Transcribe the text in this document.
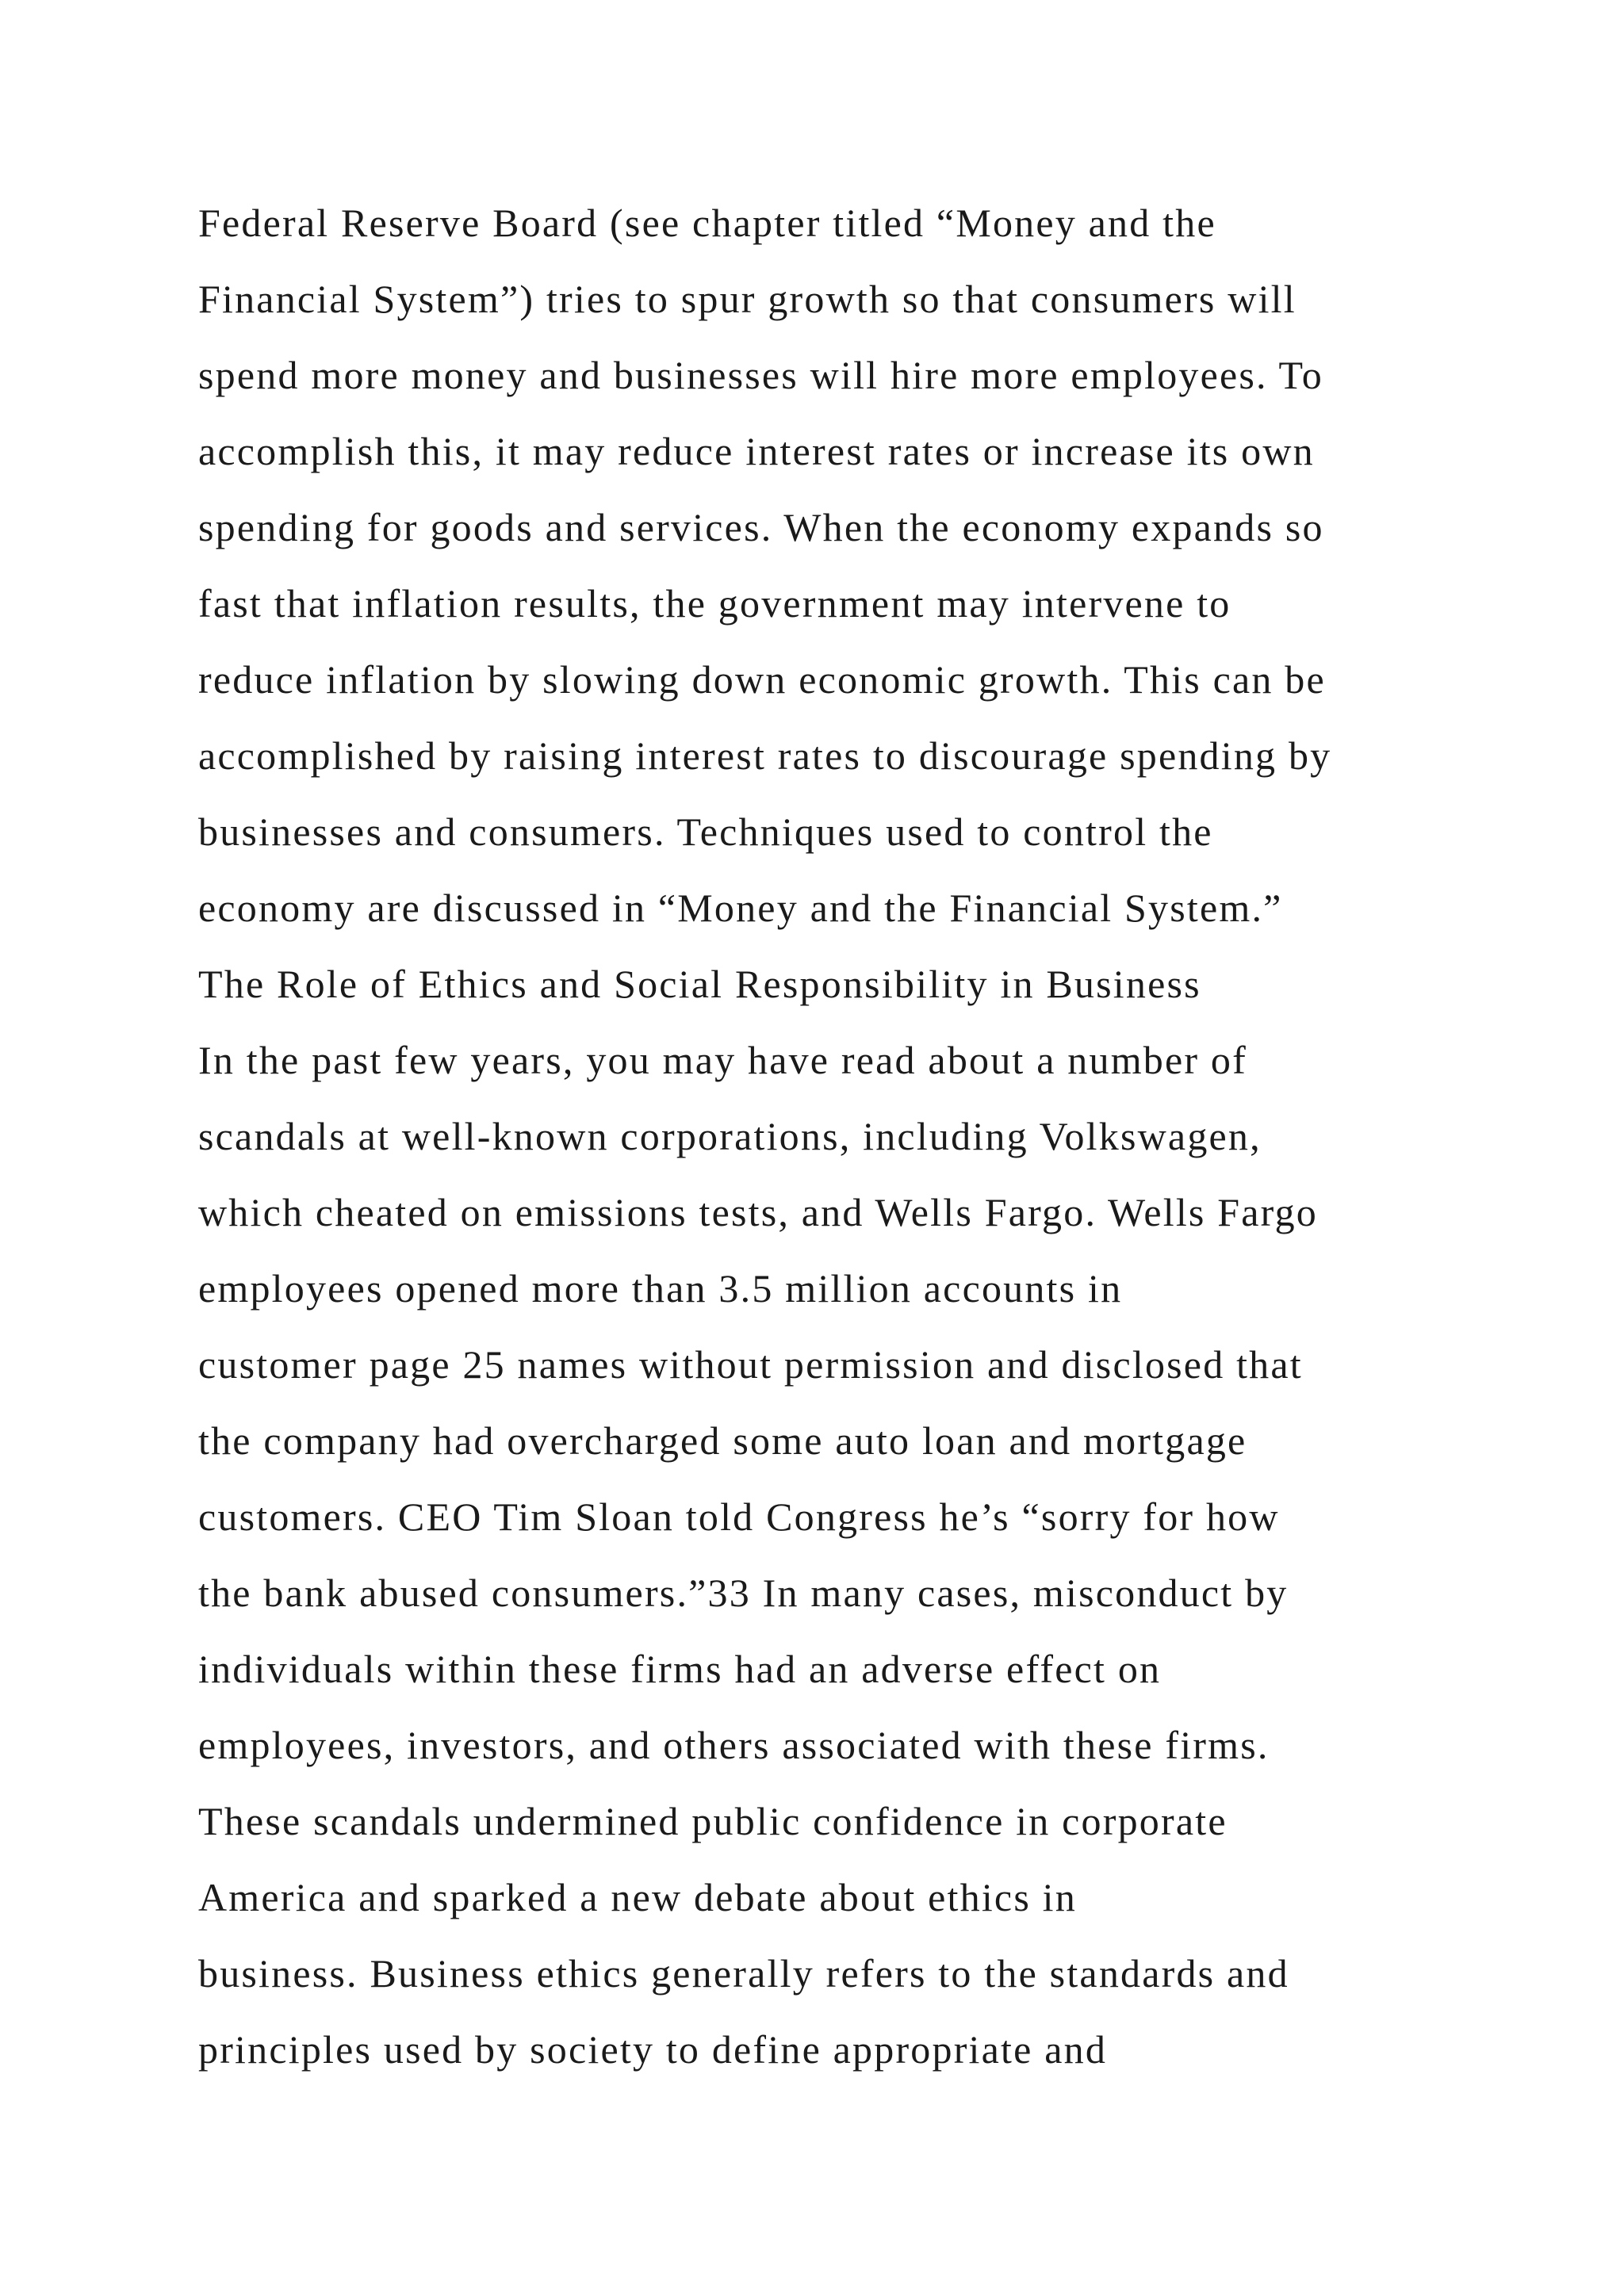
Federal Reserve Board (see chapter titled “Money and the
Financial System”) tries to spur growth so that consumers will
spend more money and businesses will hire more employees. To
accomplish this, it may reduce interest rates or increase its own
spending for goods and services. When the economy expands so
fast that inflation results, the government may intervene to
reduce inflation by slowing down economic growth. This can be
accomplished by raising interest rates to discourage spending by
businesses and consumers. Techniques used to control the
economy are discussed in “Money and the Financial System.”
The Role of Ethics and Social Responsibility in Business
In the past few years, you may have read about a number of
scandals at well-known corporations, including Volkswagen,
which cheated on emissions tests, and Wells Fargo. Wells Fargo
employees opened more than 3.5 million accounts in
customer page 25 names without permission and disclosed that
the company had overcharged some auto loan and mortgage
customers. CEO Tim Sloan told Congress he’s “sorry for how
the bank abused consumers.”33 In many cases, misconduct by
individuals within these firms had an adverse effect on
employees, investors, and others associated with these firms.
These scandals undermined public confidence in corporate
America and sparked a new debate about ethics in
business. Business ethics generally refers to the standards and
principles used by society to define appropriate and
